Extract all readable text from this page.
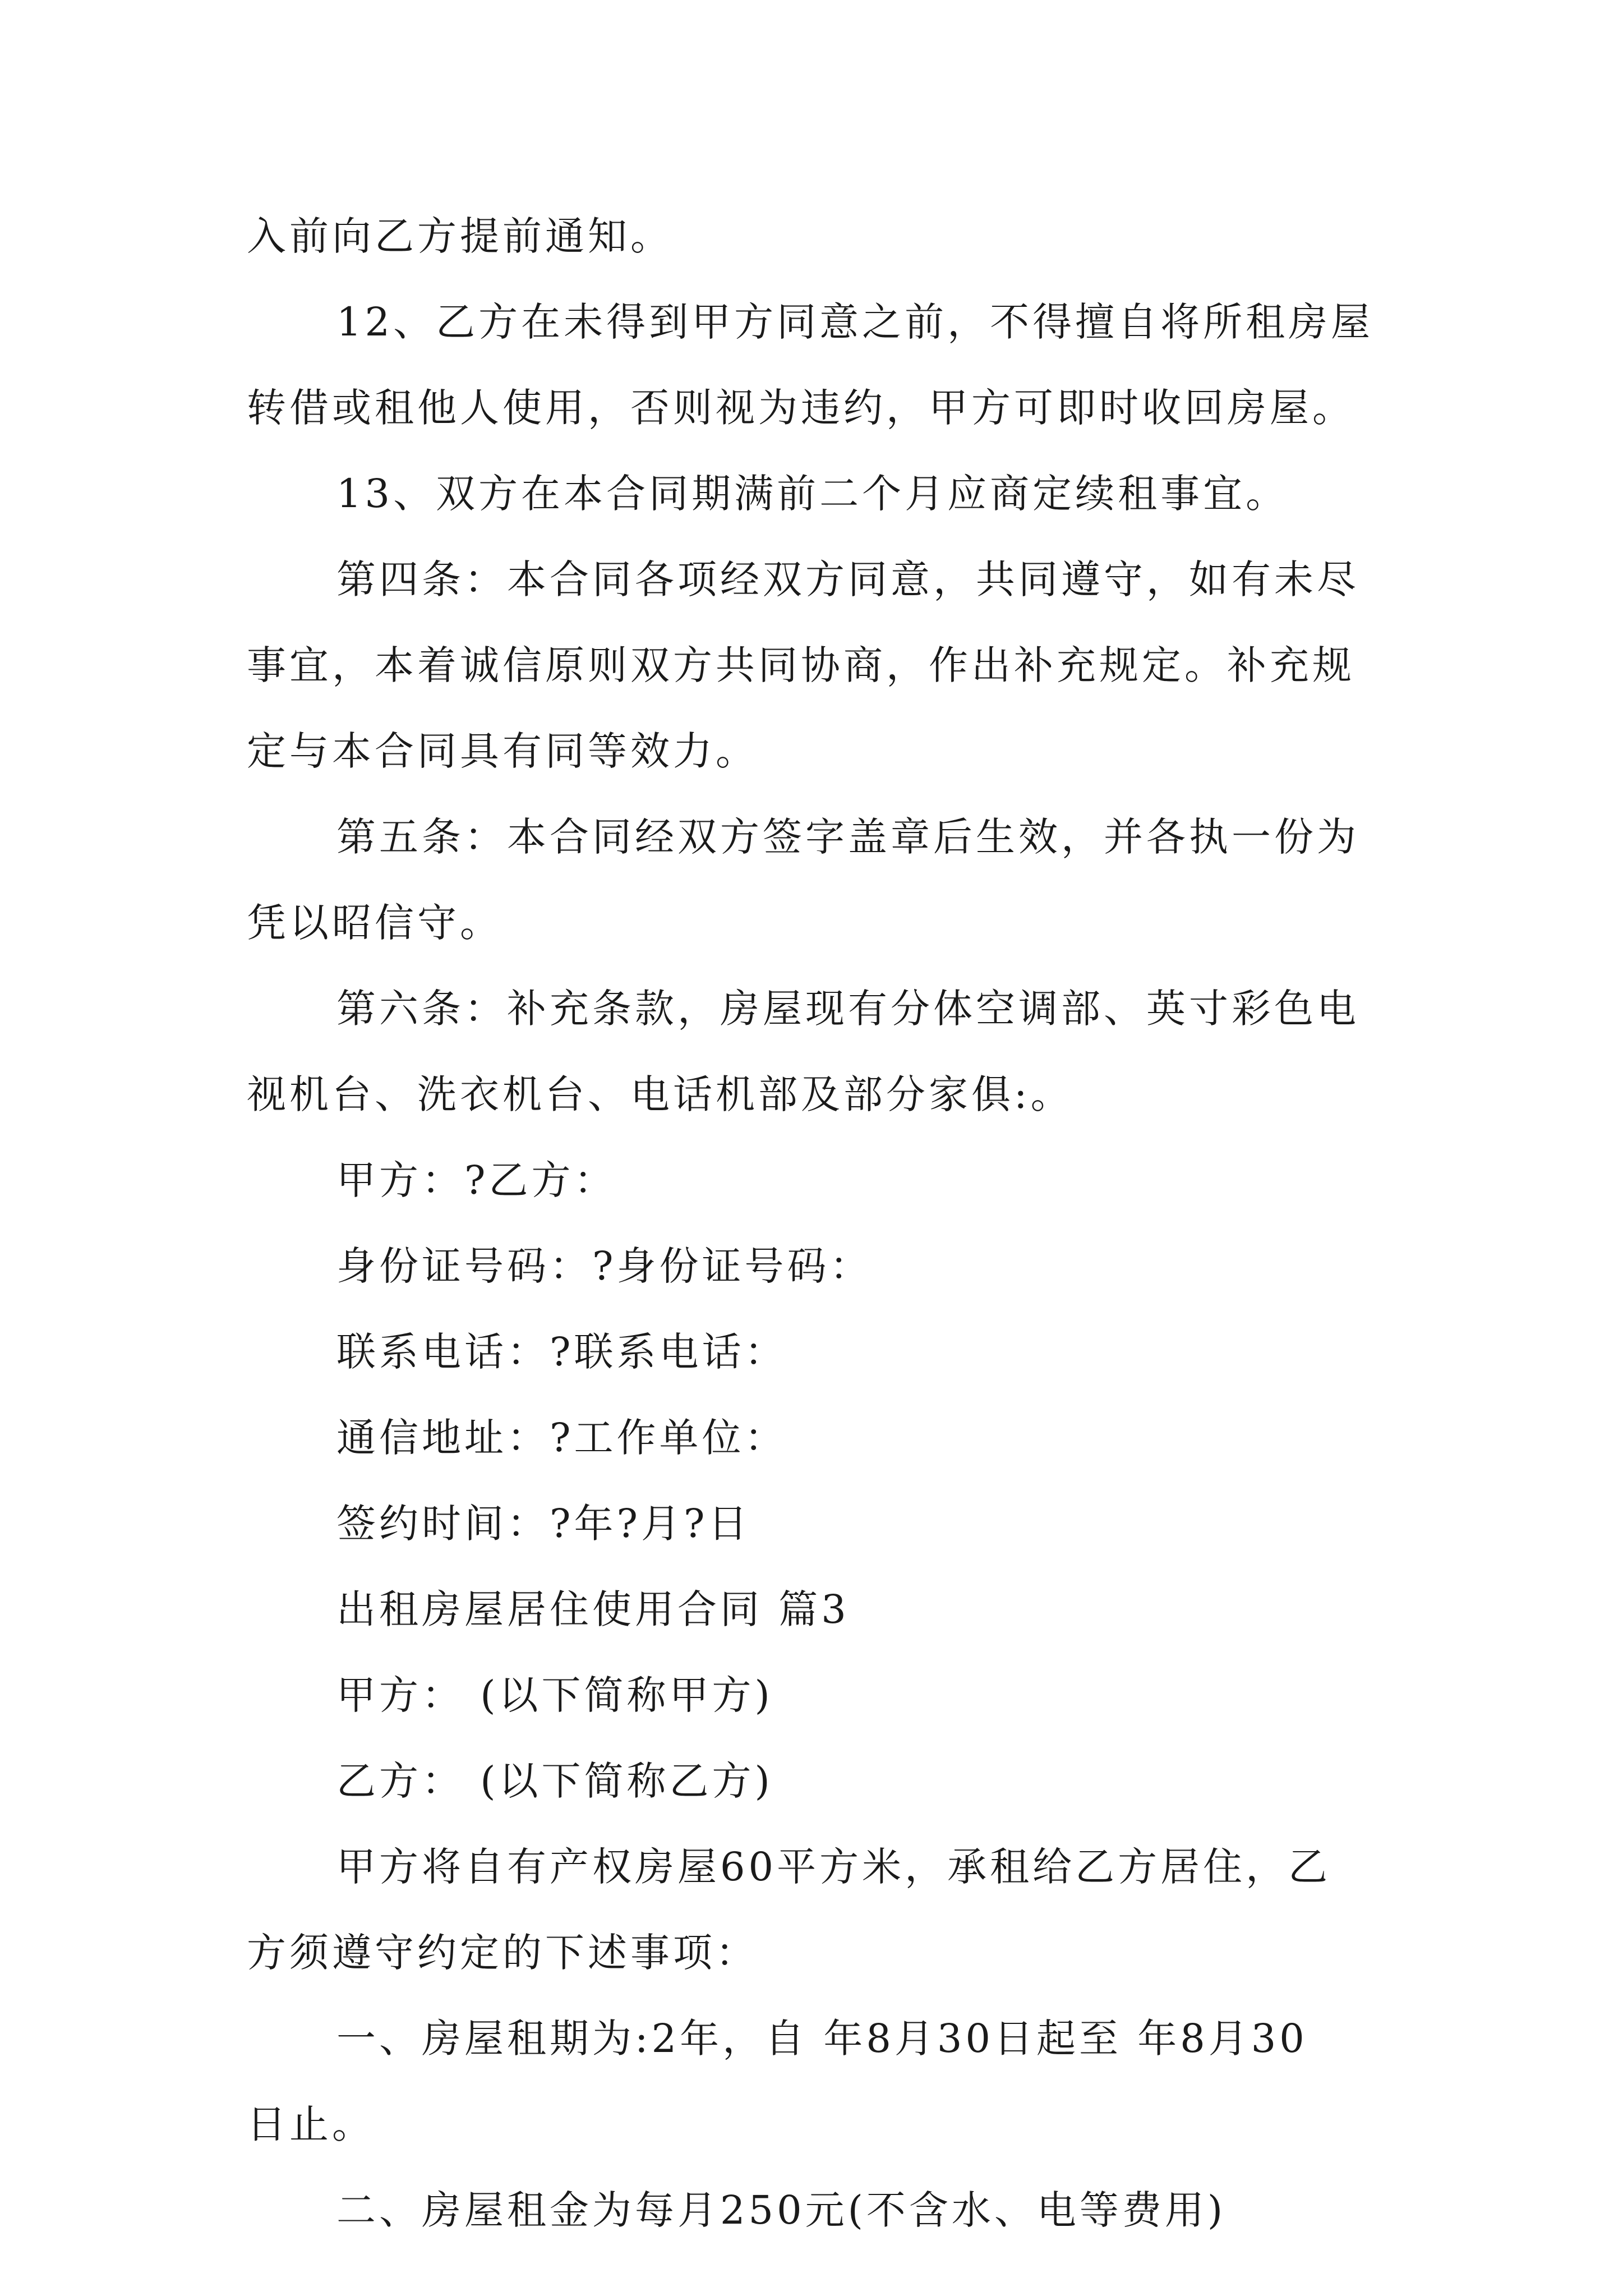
入前向乙方提前通知。
12、乙方在未得到甲方同意之前，不得擅自将所租房屋
转借或租他人使用，否则视为违约，甲方可即时收回房屋。
13、双方在本合同期满前二个月应商定续租事宜。
第四条：本合同各项经双方同意，共同遵守，如有未尽
事宜，本着诚信原则双方共同协商，作出补充规定。补充规
定与本合同具有同等效力。
第五条：本合同经双方签字盖章后生效，并各执一份为
凭以昭信守。
第六条：补充条款，房屋现有分体空调部、英寸彩色电
视机台、洗衣机台、电话机部及部分家俱:。
甲方：?乙方：
身份证号码：?身份证号码：
联系电话：?联系电话：
通信地址：?工作单位：
签约时间：?年?月?日
出租房屋居住使用合同 篇3
甲方： (以下简称甲方)
乙方： (以下简称乙方)
甲方将自有产权房屋60平方米，承租给乙方居住，乙
方须遵守约定的下述事项：
一、房屋租期为:2年，自 年8月30日起至 年8月30
日止。
二、房屋租金为每月250元(不含水、电等费用)
